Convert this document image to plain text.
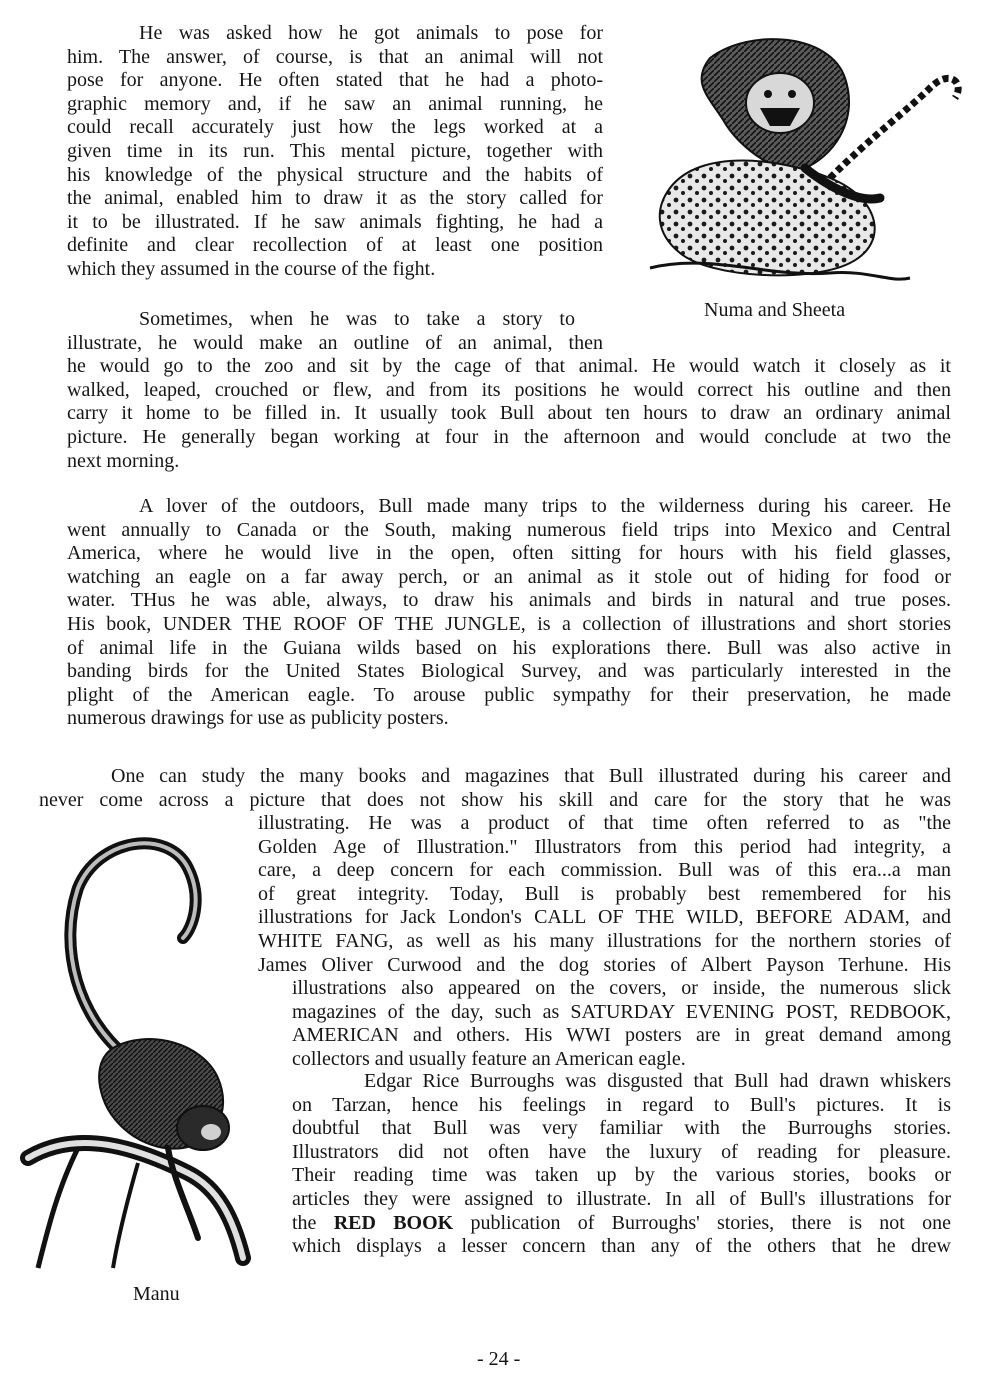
He was asked how he got animals to pose for
him. The answer, of course, is that an animal will not
pose for anyone. He often stated that he had a photo-
graphic memory and, if he saw an animal running, he
could recall accurately just how the legs worked at a
given time in its run. This mental picture, together with
his knowledge of the physical structure and the habits of
the animal, enabled him to draw it as the story called for
it to be illustrated. If he saw animals fighting, he had a
definite and clear recollection of at least one position
which they assumed in the course of the fight.
Sometimes, when he was to take a story to
illustrate, he would make an outline of an animal, then
he would go to the zoo and sit by the cage of that animal. He would watch it closely as it
walked, leaped, crouched or flew, and from its positions he would correct his outline and then
carry it home to be filled in. It usually took Bull about ten hours to draw an ordinary animal
picture. He generally began working at four in the afternoon and would conclude at two the
next morning.
A lover of the outdoors, Bull made many trips to the wilderness during his career. He
went annually to Canada or the South, making numerous field trips into Mexico and Central
America, where he would live in the open, often sitting for hours with his field glasses,
watching an eagle on a far away perch, or an animal as it stole out of hiding for food or
water. THus he was able, always, to draw his animals and birds in natural and true poses.
His book, UNDER THE ROOF OF THE JUNGLE, is a collection of illustrations and short stories
of animal life in the Guiana wilds based on his explorations there. Bull was also active in
banding birds for the United States Biological Survey, and was particularly interested in the
plight of the American eagle. To arouse public sympathy for their preservation, he made
numerous drawings for use as publicity posters.
One can study the many books and magazines that Bull illustrated during his career and
never come across a picture that does not show his skill and care for the story that he was
illustrating. He was a product of that time often referred to as "the
Golden Age of Illustration." Illustrators from this period had integrity, a
care, a deep concern for each commission. Bull was of this era...a man
of great integrity. Today, Bull is probably best remembered for his
illustrations for Jack London's CALL OF THE WILD, BEFORE ADAM, and
WHITE FANG, as well as his many illustrations for the northern stories of
James Oliver Curwood and the dog stories of Albert Payson Terhune. His
illustrations also appeared on the covers, or inside, the numerous slick
magazines of the day, such as SATURDAY EVENING POST, REDBOOK,
AMERICAN and others. His WWI posters are in great demand among
collectors and usually feature an American eagle.
Edgar Rice Burroughs was disgusted that Bull had drawn whiskers
on Tarzan, hence his feelings in regard to Bull's pictures. It is
doubtful that Bull was very familiar with the Burroughs stories.
Illustrators did not often have the luxury of reading for pleasure.
Their reading time was taken up by the various stories, books or
articles they were assigned to illustrate. In all of Bull's illustrations for
the RED BOOK publication of Burroughs' stories, there is not one
which displays a lesser concern than any of the others that he drew
Numa and Sheeta
Manu
- 24 -
